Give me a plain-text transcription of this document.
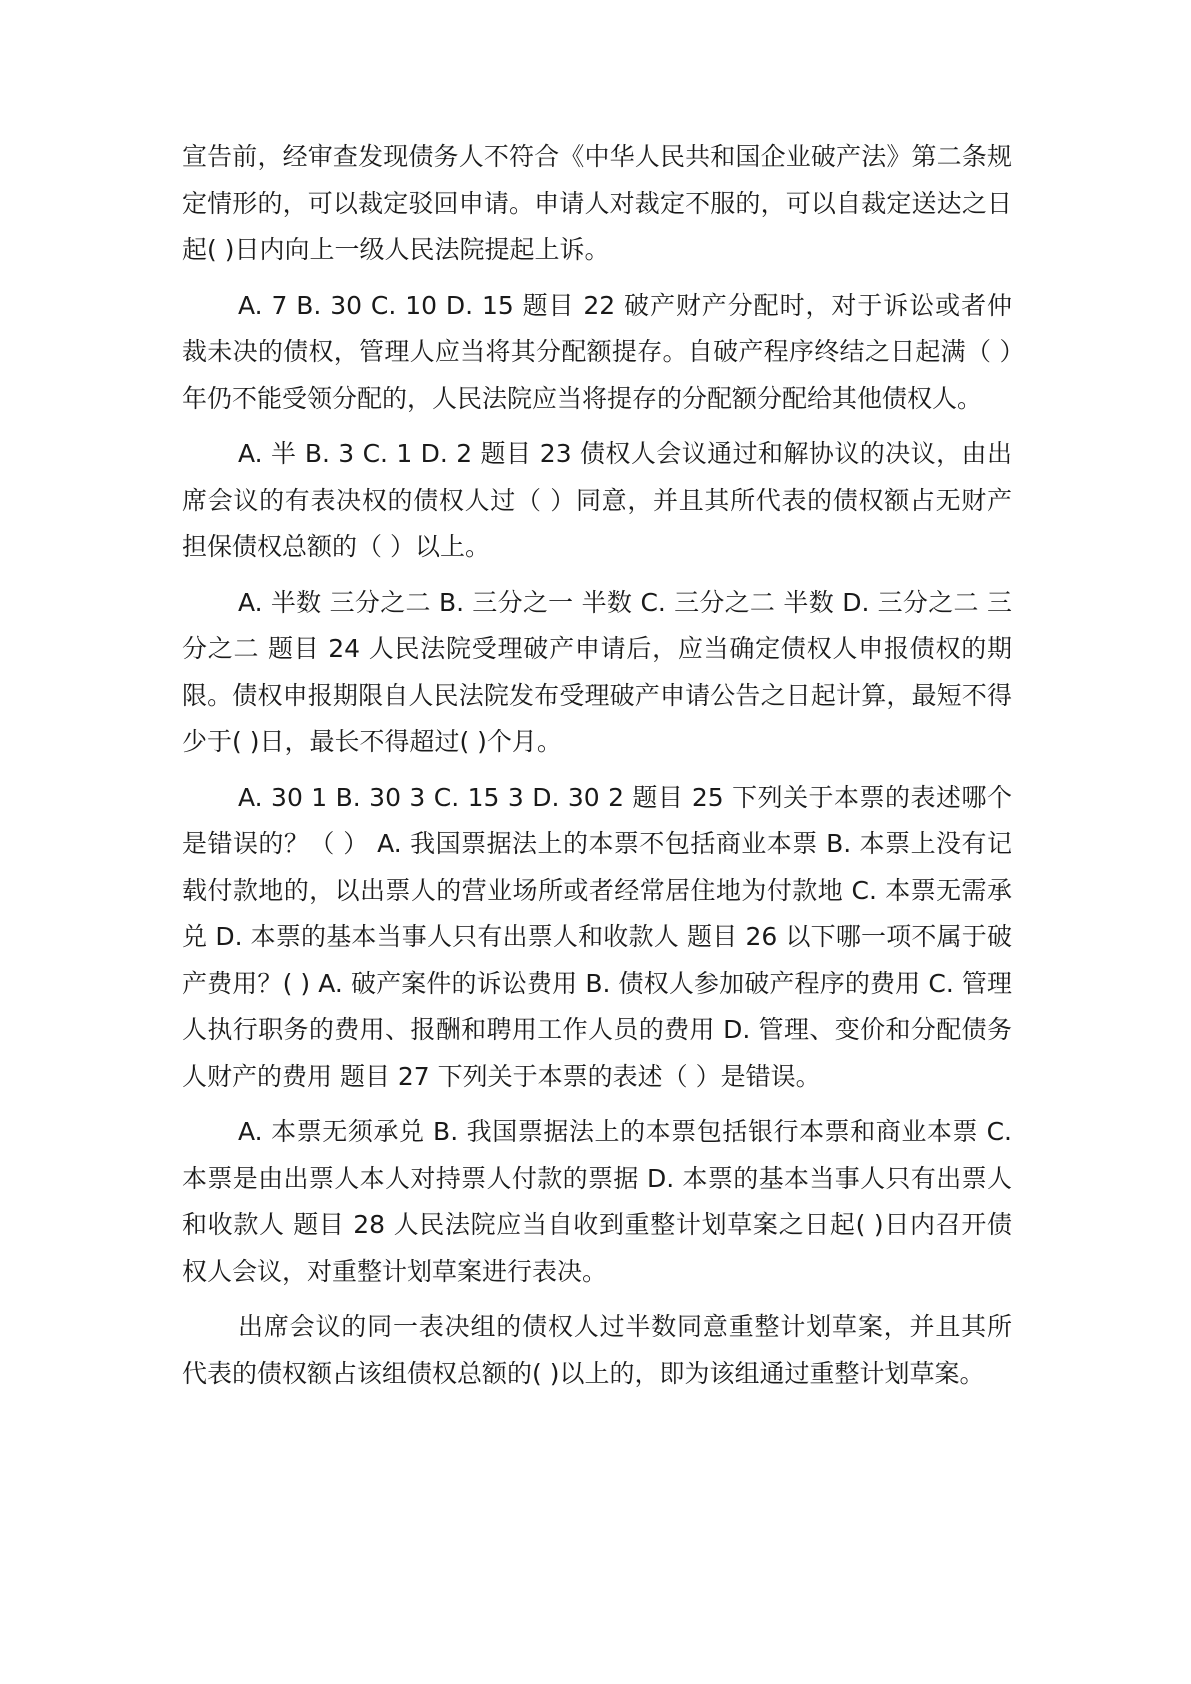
宣告前，经审查发现债务人不符合《中华人民共和国企业破产法》第二条规定情形的，可以裁定驳回申请。申请人对裁定不服的，可以自裁定送达之日起( )日内向上一级人民法院提起上诉。

A. 7 B. 30 C. 10 D. 15 题目 22 破产财产分配时，对于诉讼或者仲裁未决的债权，管理人应当将其分配额提存。自破产程序终结之日起满（ ）年仍不能受领分配的，人民法院应当将提存的分配额分配给其他债权人。

A. 半 B. 3 C. 1 D. 2 题目 23 债权人会议通过和解协议的决议，由出席会议的有表决权的债权人过（ ）同意，并且其所代表的债权额占无财产担保债权总额的（ ）以上。

A. 半数 三分之二 B. 三分之一 半数 C. 三分之二 半数 D. 三分之二 三分之二 题目 24 人民法院受理破产申请后，应当确定债权人申报债权的期限。债权申报期限自人民法院发布受理破产申请公告之日起计算，最短不得少于( )日，最长不得超过( )个月。

A. 30 1 B. 30 3 C. 15 3 D. 30 2 题目 25 下列关于本票的表述哪个是错误的？（ ） A. 我国票据法上的本票不包括商业本票 B. 本票上没有记载付款地的，以出票人的营业场所或者经常居住地为付款地 C. 本票无需承兑 D. 本票的基本当事人只有出票人和收款人 题目 26 以下哪一项不属于破产费用？( ) A. 破产案件的诉讼费用 B. 债权人参加破产程序的费用 C. 管理人执行职务的费用、报酬和聘用工作人员的费用 D. 管理、变价和分配债务人财产的费用 题目 27 下列关于本票的表述（ ）是错误。

A. 本票无须承兑 B. 我国票据法上的本票包括银行本票和商业本票 C. 本票是由出票人本人对持票人付款的票据 D. 本票的基本当事人只有出票人和收款人 题目 28 人民法院应当自收到重整计划草案之日起( )日内召开债权人会议，对重整计划草案进行表决。

出席会议的同一表决组的债权人过半数同意重整计划草案，并且其所代表的债权额占该组债权总额的( )以上的，即为该组通过重整计划草案。
